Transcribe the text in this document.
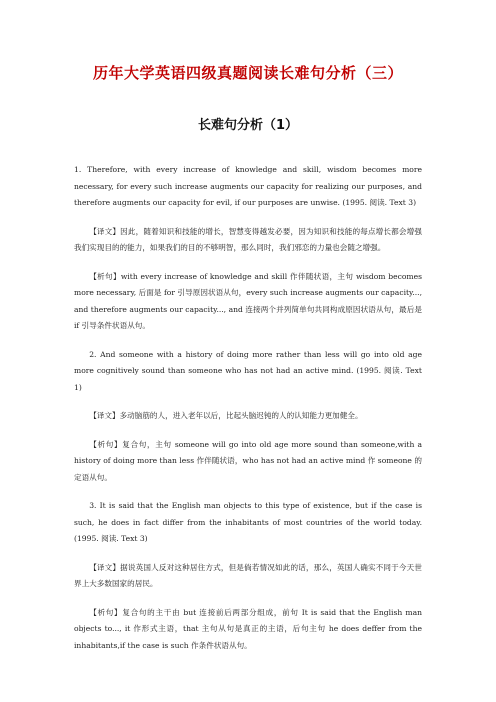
历年大学英语四级真题阅读长难句分析（三）
长难句分析（1）

1. Therefore, with every increase of knowledge and skill, wisdom becomes more necessary, for every such increase augments our capacity for realizing our purposes, and therefore augments our capacity for evil, if our purposes are unwise. (1995. 阅读. Text 3)

【译文】因此，随着知识和技能的增长，智慧变得越发必要，因为知识和技能的每点增长都会增强我们实现目的的能力，如果我们的目的不够明智，那么同时，我们邪恋的力量也会随之增强。

【析句】with every increase of knowledge and skill 作伴随状语，主句 wisdom becomes more necessary, 后面是 for 引导原因状语从句，every such increase augments our capacity..., and therefore augments our capacity..., and 连接两个并列简单句共同构成原因状语从句，最后是 if 引导条件状语从句。

2. And someone with a history of doing more rather than less will go into old age more cognitively sound than someone who has not had an active mind. (1995. 阅读. Text 1)

【译文】多动脑筋的人，进入老年以后，比起头脑迟钝的人的认知能力更加健全。

【析句】复合句，主句 someone will go into old age more sound than someone,with a history of doing more than less 作伴随状语，who has not had an active mind 作 someone 的定语从句。

3. It is said that the English man objects to this type of existence, but if the case is such, he does in fact differ from the inhabitants of most countries of the world today. (1995. 阅读. Text 3)

【译文】据说英国人反对这种居住方式，但是倘若情况如此的话，那么，英国人确实不同于今天世界上大多数国家的居民。

【析句】复合句的主干由 but 连接前后两部分组成，前句 It is said that the English man objects to..., it 作形式主语，that 主句从句是真正的主语，后句主句 he does deffer from the inhabitants,if the case is such 作条件状语从句。
